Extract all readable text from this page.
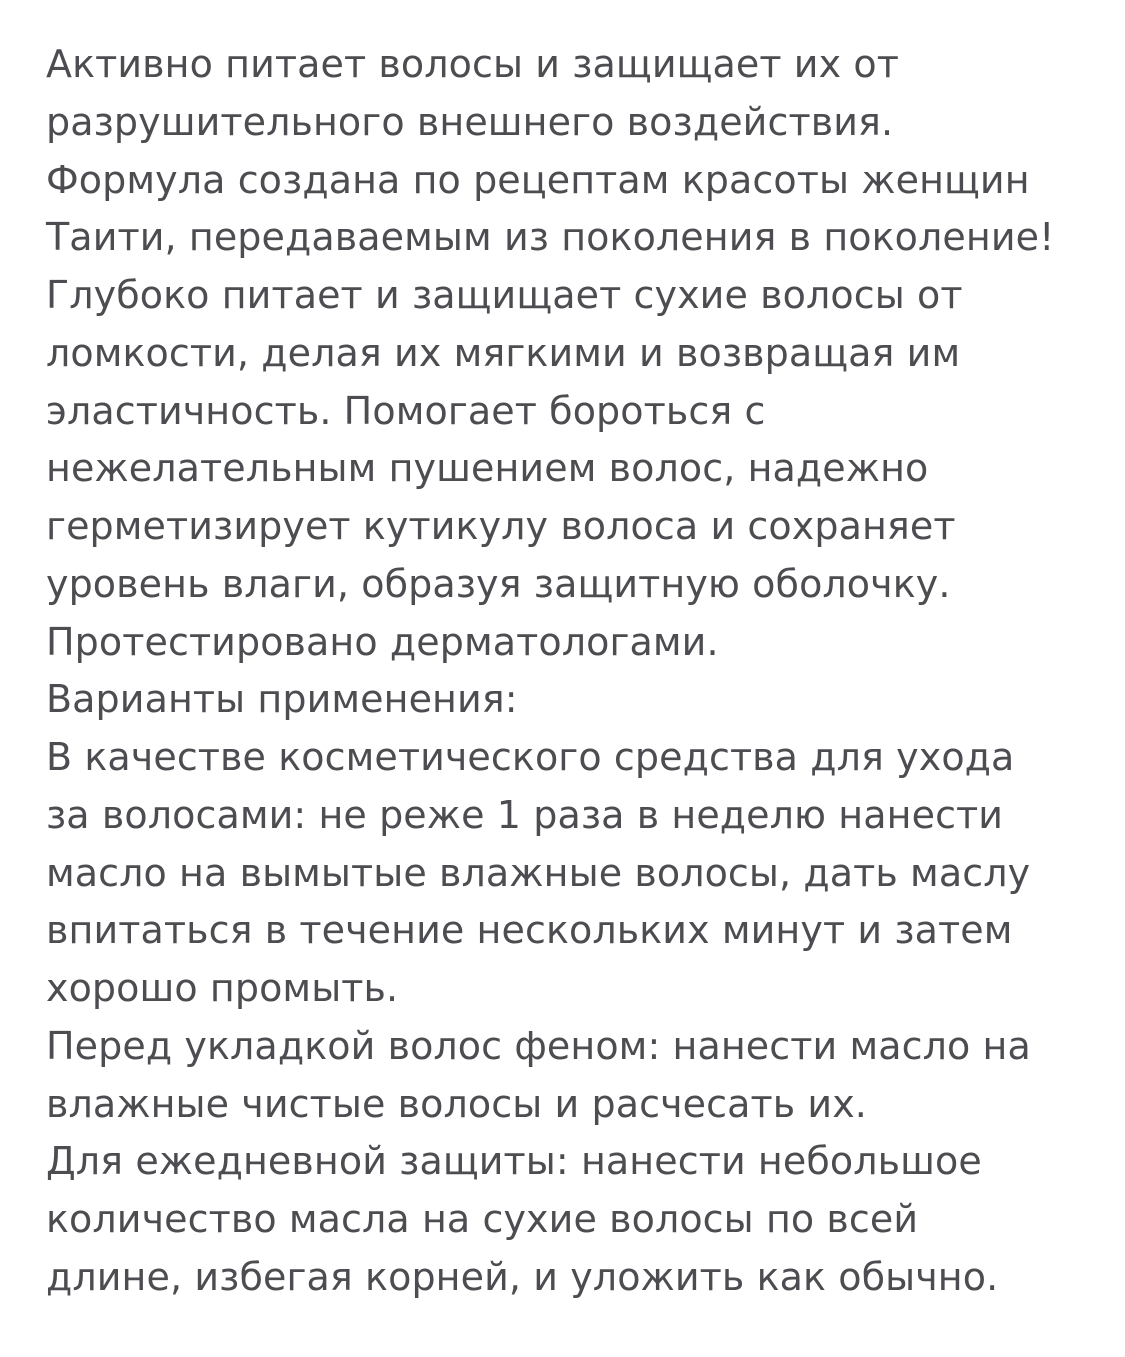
Активно питает волосы и защищает их от разрушительного внешнего воздействия. Формула создана по рецептам красоты женщин Таити, передаваемым из поколения в поколение! Глубоко питает и защищает сухие волосы от ломкости, делая их мягкими и возвращая им эластичность. Помогает бороться с нежелательным пушением волос, надежно герметизирует кутикулу волоса и сохраняет уровень влаги, образуя защитную оболочку. Протестировано дерматологами.

Варианты применения:

В качестве косметического средства для ухода за волосами: не реже 1 раза в неделю нанести масло на вымытые влажные волосы, дать маслу впитаться в течение нескольких минут и затем хорошо промыть.

Перед укладкой волос феном: нанести масло на влажные чистые волосы и расчесать их.

Для ежедневной защиты: нанести небольшое количество масла на сухие волосы по всей длине, избегая корней, и уложить как обычно.
